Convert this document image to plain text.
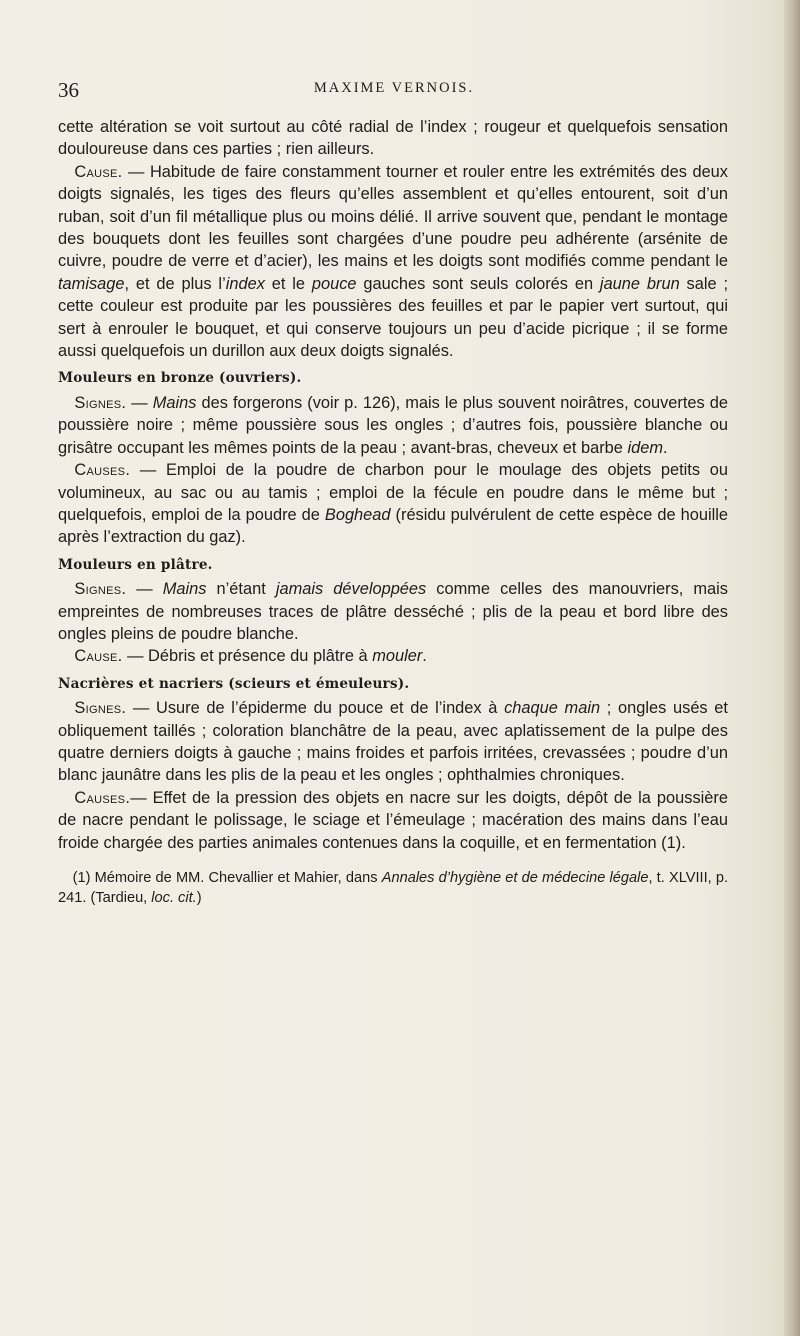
36	MAXIME VERNOIS.

cette altération se voit surtout au côté radial de l’index ; rougeur et quelquefois sensation douloureuse dans ces parties ; rien ailleurs.

 Cause. — Habitude de faire constamment tourner et rouler entre les extrémités des deux doigts signalés, les tiges des fleurs qu’elles assemblent et qu’elles entourent, soit d’un ruban, soit d’un fil métallique plus ou moins délié. Il arrive souvent que, pendant le montage des bouquets dont les feuilles sont chargées d’une poudre peu adhérente (arsénite de cuivre, poudre de verre et d’acier), les mains et les doigts sont modifiés comme pendant le tamisage, et de plus l’index et le pouce gauches sont seuls colorés en jaune brun sale ; cette couleur est produite par les poussières des feuilles et par le papier vert surtout, qui sert à enrouler le bouquet, et qui conserve toujours un peu d’acide picrique ; il se forme aussi quelquefois un durillon aux deux doigts signalés.

Mouleurs en bronze (ouvriers).

 Signes. — Mains des forgerons (voir p. 126), mais le plus souvent noirâtres, couvertes de poussière noire ; même poussière sous les ongles ; d’autres fois, poussière blanche ou grisâtre occupant les mêmes points de la peau ; avant-bras, cheveux et barbe idem.

 Causes. — Emploi de la poudre de charbon pour le moulage des objets petits ou volumineux, au sac ou au tamis ; emploi de la fécule en poudre dans le même but ; quelquefois, emploi de la poudre de Boghead (résidu pulvérulent de cette espèce de houille après l’extraction du gaz).

Mouleurs en plâtre.

 Signes. — Mains n’étant jamais développées comme celles des manouvriers, mais empreintes de nombreuses traces de plâtre desséché ; plis de la peau et bord libre des ongles pleins de poudre blanche.

 Cause. — Débris et présence du plâtre à mouler.

Nacrières et nacriers (scieurs et émeuleurs).

 Signes. — Usure de l’épiderme du pouce et de l’index à chaque main ; ongles usés et obliquement taillés ; coloration blanchâtre de la peau, avec aplatissement de la pulpe des quatre derniers doigts à gauche ; mains froides et parfois irritées, crevassées ; poudre d’un blanc jaunâtre dans les plis de la peau et les ongles ; ophthalmies chroniques.

 Causes.— Effet de la pression des objets en nacre sur les doigts, dépôt de la poussière de nacre pendant le polissage, le sciage et l’émeulage ; macération des mains dans l’eau froide chargée des parties animales contenues dans la coquille, et en fermentation (1).

 (1) Mémoire de MM. Chevallier et Mahier, dans Annales d’hygiène et de médecine légale, t. XLVIII, p. 241. (Tardieu, loc. cit.)
